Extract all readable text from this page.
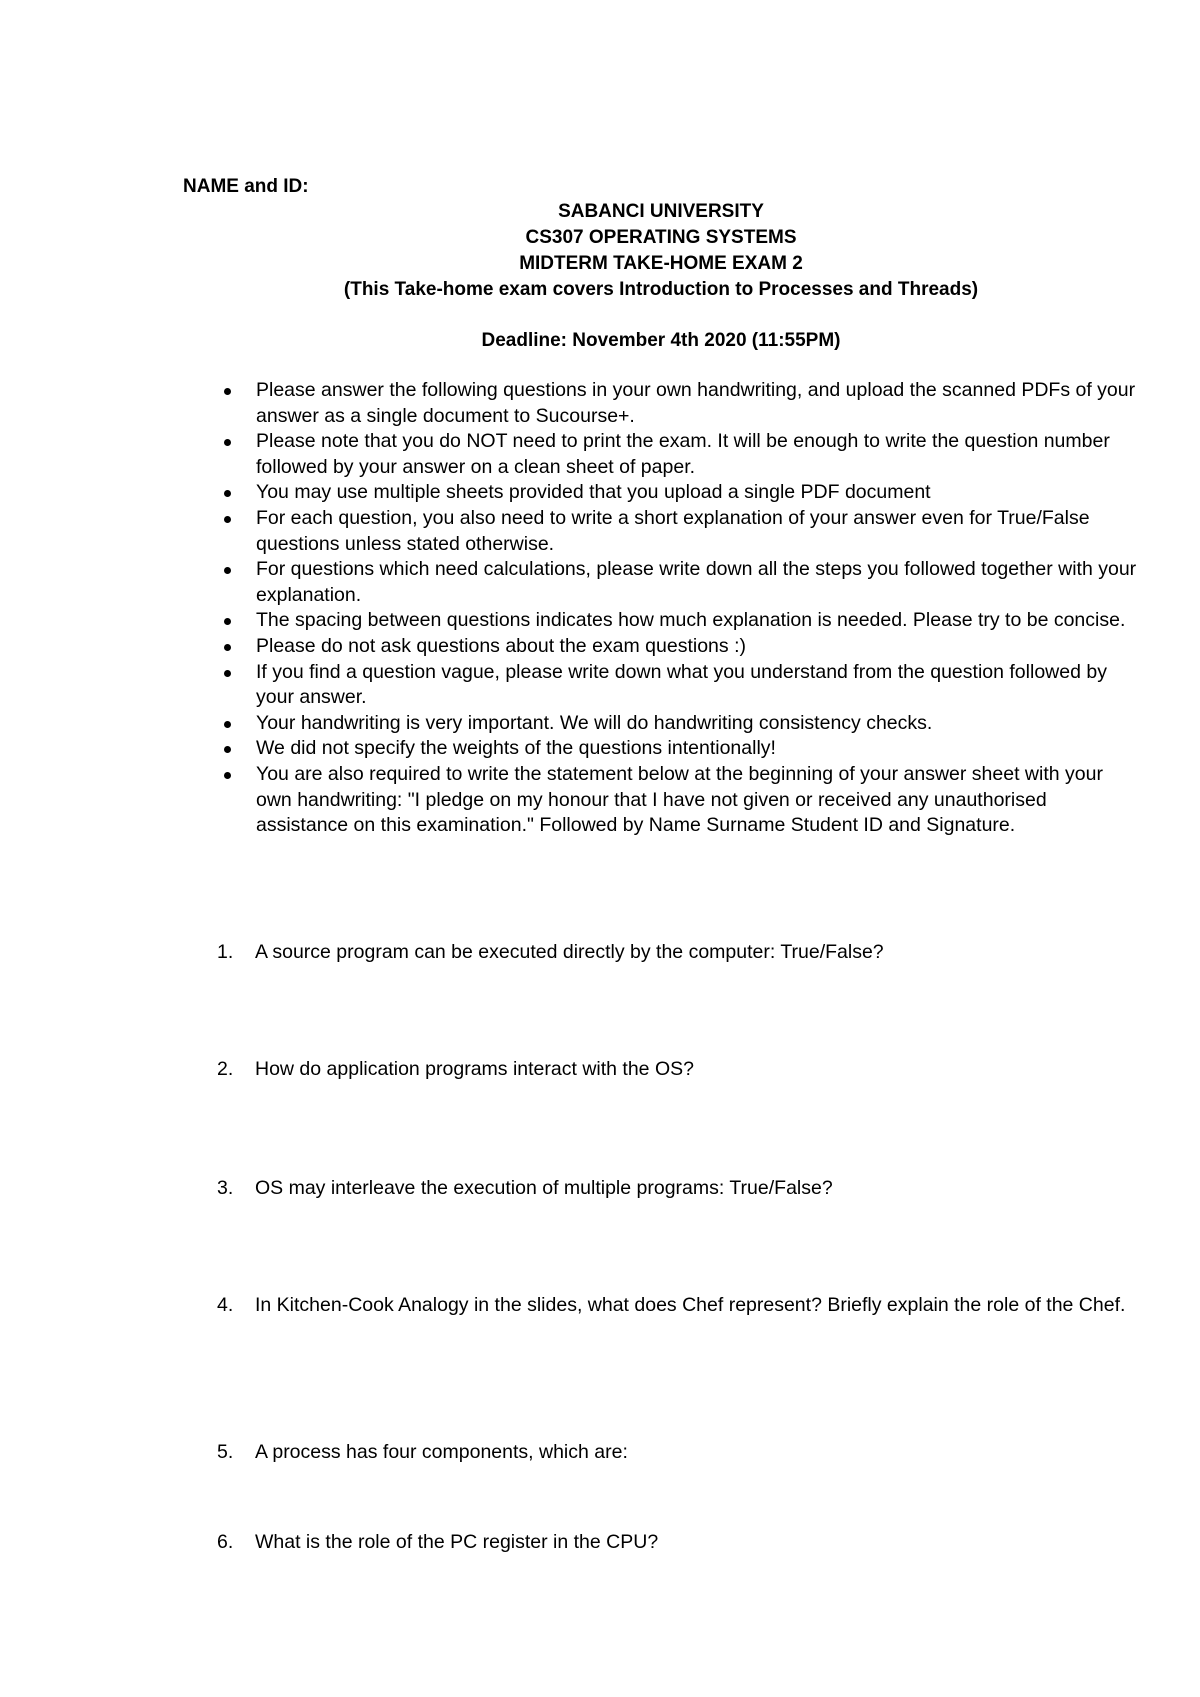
NAME and ID:
SABANCI UNIVERSITY
CS307 OPERATING SYSTEMS
MIDTERM TAKE-HOME EXAM 2
(This Take-home exam covers Introduction to Processes and Threads)
Deadline: November 4th 2020 (11:55PM)
Please answer the following questions in your own handwriting, and upload the scanned PDFs of your answer as a single document to Sucourse+.
Please note that you do NOT need to print the exam. It will be enough to write the question number followed by your answer on a clean sheet of paper.
You may use multiple sheets provided that you upload a single PDF document
For each question, you also need to write a short explanation of your answer even for True/False questions unless stated otherwise.
For questions which need calculations, please write down all the steps you followed together with your explanation.
The spacing between questions indicates how much explanation is needed. Please try to be concise.
Please do not ask questions about the exam questions :)
If you find a question vague, please write down what you understand from the question followed by your answer.
Your handwriting is very important. We will do handwriting consistency checks.
We did not specify the weights of the questions intentionally!
You are also required to write the statement below at the beginning of your answer sheet with your own handwriting: "I pledge on my honour that I have not given or received any unauthorised assistance on this examination." Followed by Name Surname Student ID and Signature.
1.	A source program can be executed directly by the computer: True/False?
2.	How do application programs interact with the OS?
3.	OS may interleave the execution of multiple programs: True/False?
4.	In Kitchen-Cook Analogy in the slides, what does Chef represent? Briefly explain the role of the Chef.
5.	A process has four components, which are:
6.	What is the role of the PC register in the CPU?
